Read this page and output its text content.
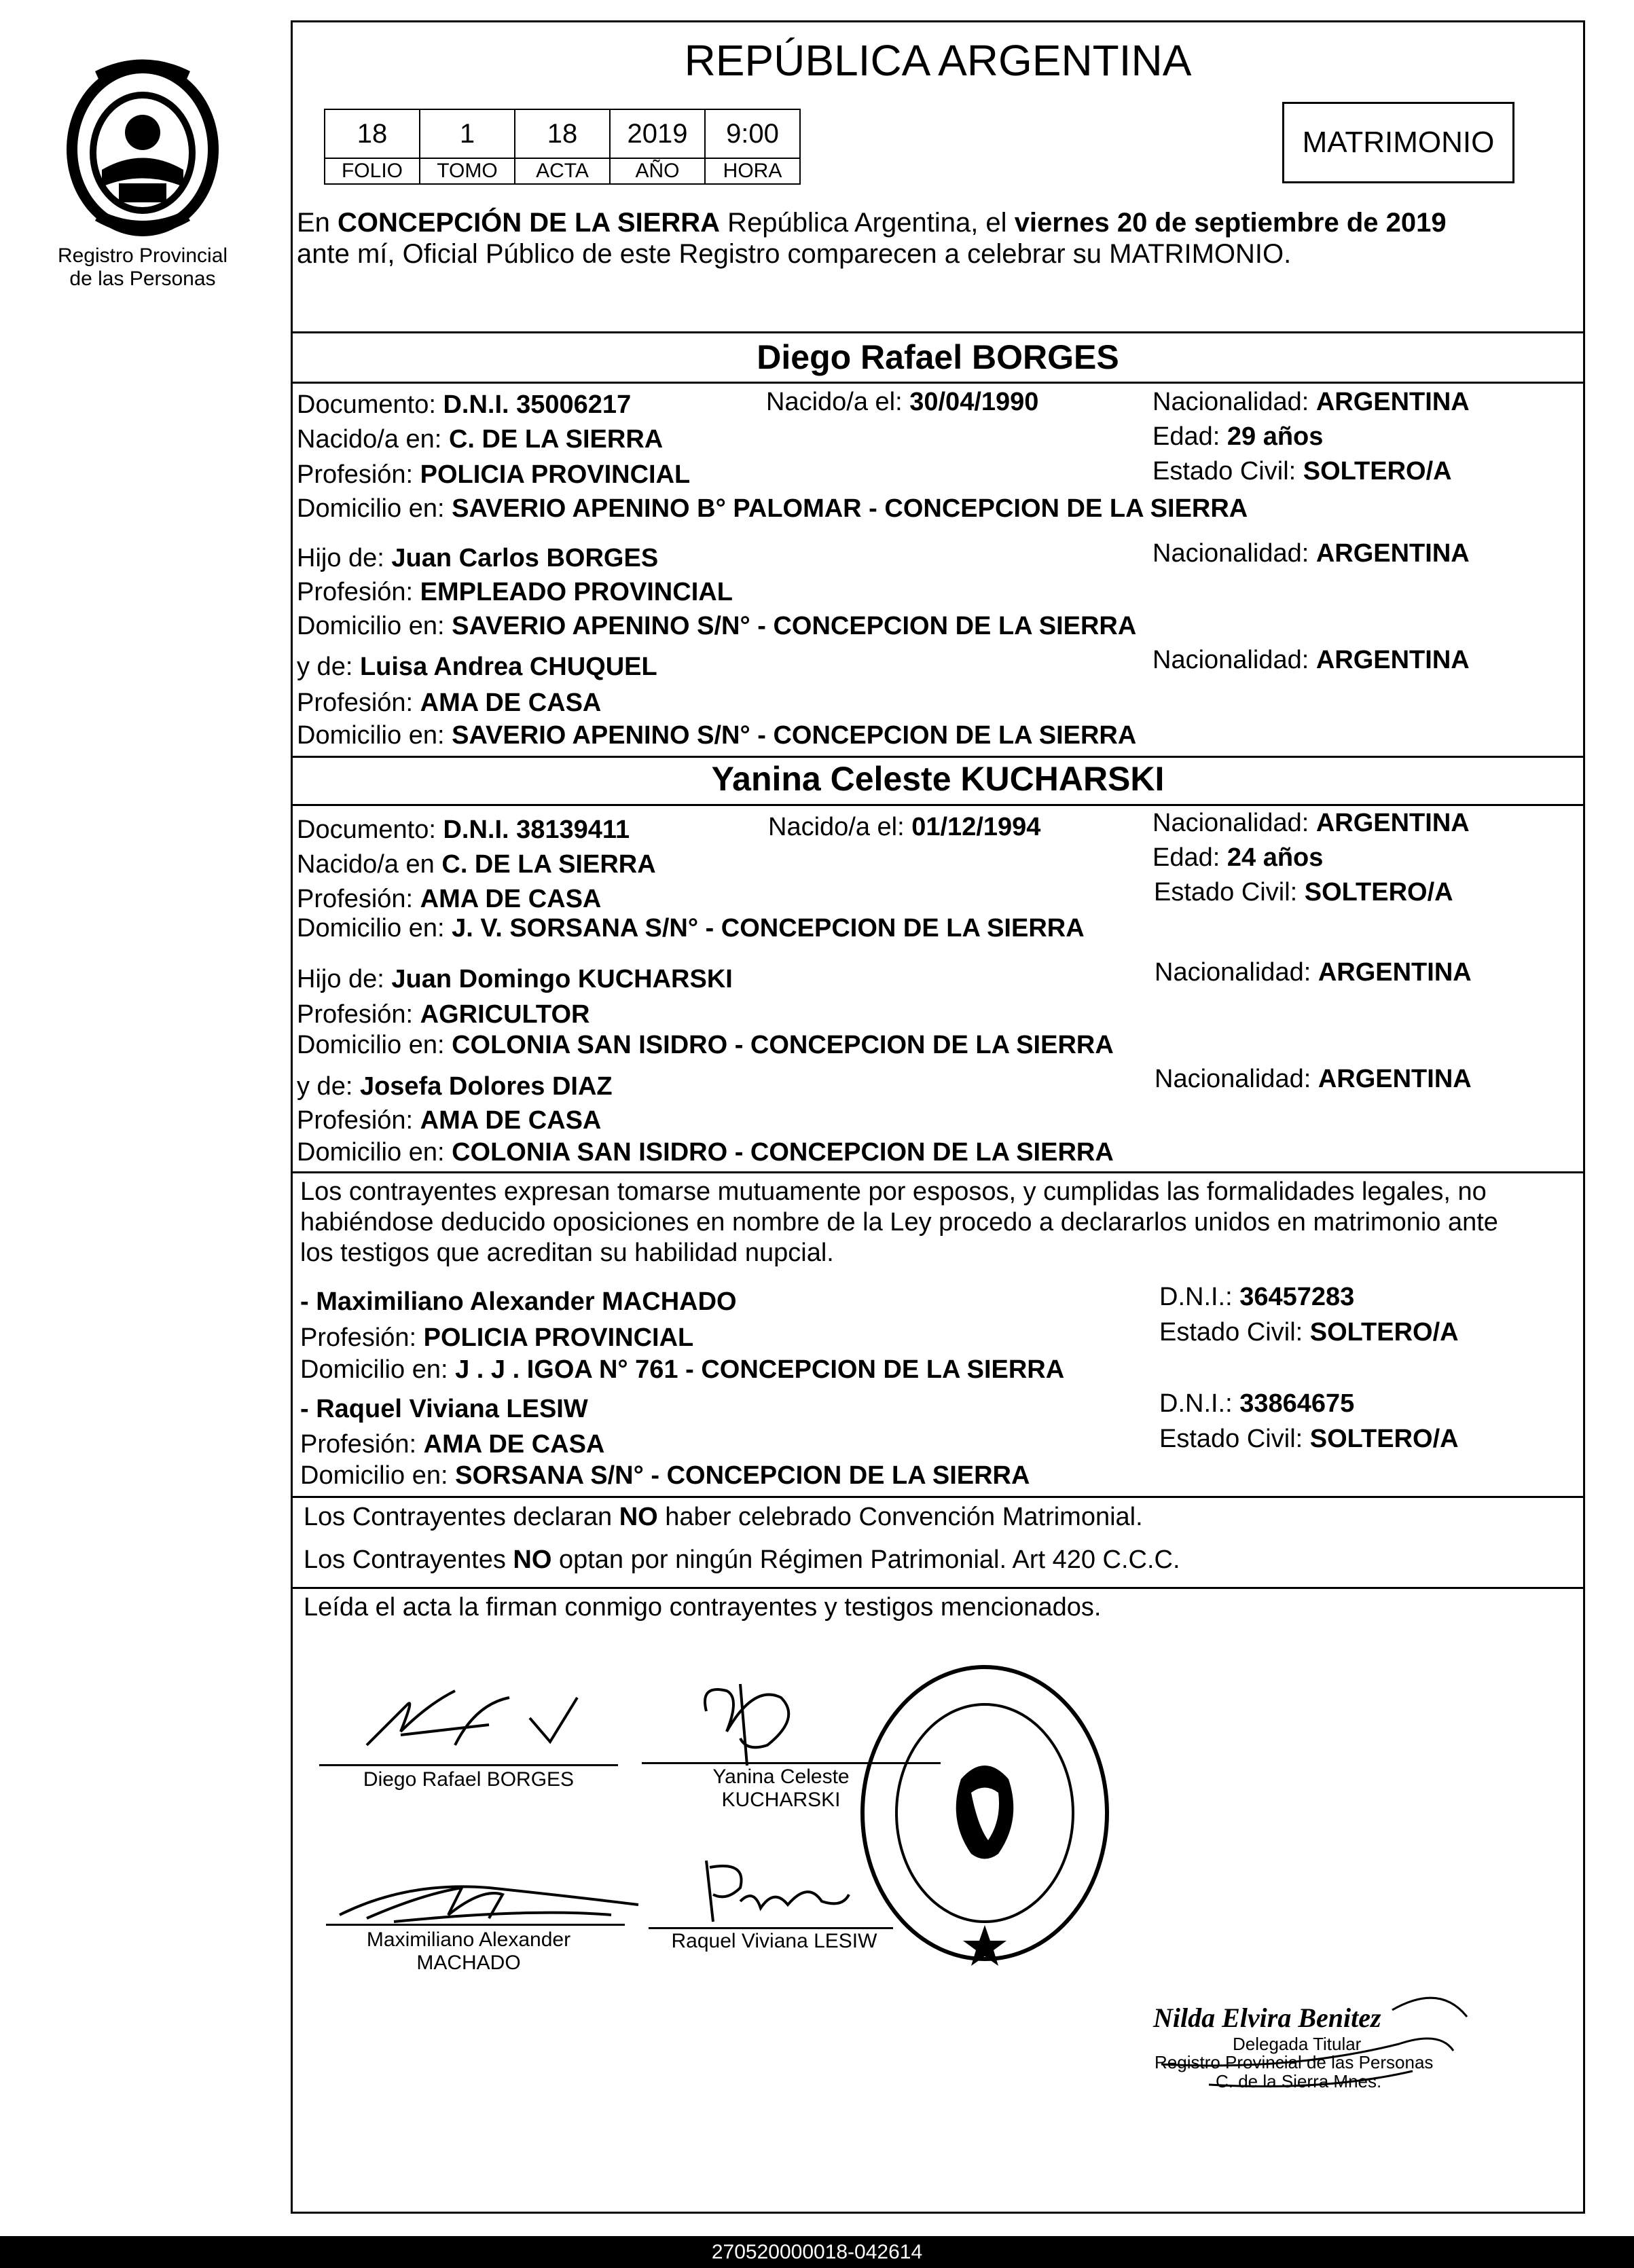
Registro Provincial
de las Personas
REPÚBLICA ARGENTINA
18	1	18	2019	9:00
FOLIO	TOMO	ACTA	AÑO	HORA
MATRIMONIO
En CONCEPCIÓN DE LA SIERRA República Argentina, el viernes 20 de septiembre de 2019
ante mí, Oficial Público de este Registro comparecen a celebrar su MATRIMONIO.
Diego Rafael BORGES
Documento: D.N.I. 35006217	Nacido/a el: 30/04/1990	Nacionalidad: ARGENTINA
Nacido/a en: C. DE LA SIERRA	Edad: 29 años
Profesión: POLICIA PROVINCIAL	Estado Civil: SOLTERO/A
Domicilio en: SAVERIO APENINO B° PALOMAR - CONCEPCION DE LA SIERRA
Hijo de: Juan Carlos BORGES	Nacionalidad: ARGENTINA
Profesión: EMPLEADO PROVINCIAL
Domicilio en: SAVERIO APENINO S/N° - CONCEPCION DE LA SIERRA
y de: Luisa Andrea CHUQUEL	Nacionalidad: ARGENTINA
Profesión: AMA DE CASA
Domicilio en: SAVERIO APENINO S/N° - CONCEPCION DE LA SIERRA
Yanina Celeste KUCHARSKI
Documento: D.N.I. 38139411	Nacido/a el: 01/12/1994	Nacionalidad: ARGENTINA
Nacido/a en C. DE LA SIERRA	Edad: 24 años
Profesión: AMA DE CASA	Estado Civil: SOLTERO/A
Domicilio en: J. V. SORSANA S/N° - CONCEPCION DE LA SIERRA
Hijo de: Juan Domingo KUCHARSKI	Nacionalidad: ARGENTINA
Profesión: AGRICULTOR
Domicilio en: COLONIA SAN ISIDRO - CONCEPCION DE LA SIERRA
y de: Josefa Dolores DIAZ	Nacionalidad: ARGENTINA
Profesión: AMA DE CASA
Domicilio en: COLONIA SAN ISIDRO - CONCEPCION DE LA SIERRA
Los contrayentes expresan tomarse mutuamente por esposos, y cumplidas las formalidades legales, no
habiéndose deducido oposiciones en nombre de la Ley procedo a declararlos unidos en matrimonio ante
los testigos que acreditan su habilidad nupcial.
- Maximiliano Alexander MACHADO	D.N.I.: 36457283
Profesión: POLICIA PROVINCIAL	Estado Civil: SOLTERO/A
Domicilio en: J . J . IGOA N° 761 - CONCEPCION DE LA SIERRA
- Raquel Viviana LESIW	D.N.I.: 33864675
Profesión: AMA DE CASA	Estado Civil: SOLTERO/A
Domicilio en: SORSANA S/N° - CONCEPCION DE LA SIERRA
Los Contrayentes declaran NO haber celebrado Convención Matrimonial.
Los Contrayentes NO optan por ningún Régimen Patrimonial. Art 420 C.C.C.
Leída el acta la firman conmigo contrayentes y testigos mencionados.
Diego Rafael BORGES	Yanina Celeste
KUCHARSKI
Maximiliano Alexander
MACHADO
Raquel Viviana LESIW
Nilda Elvira Benitez
Delegada Titular
Registro Provincial de las Personas
C. de la Sierra Mnes.
270520000018-042614
